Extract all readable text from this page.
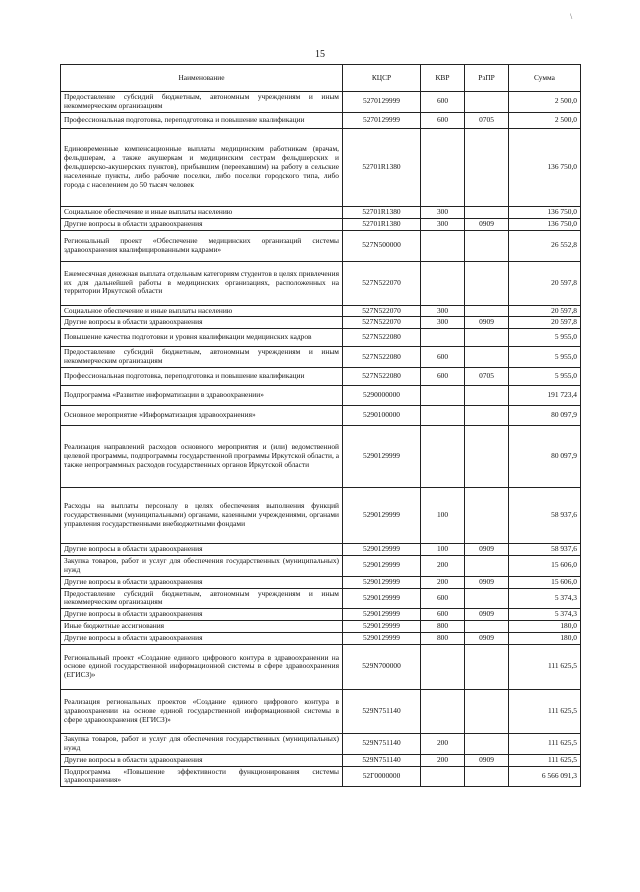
\
15
Наименование	КЦСР	КВР	РзПР	Сумма
Предоставление субсидий бюджетным, автономным учреждениям и иным некоммерческим организациям	5270129999	600		2 500,0
Профессиональная подготовка, переподготовка и повышение квалификации	5270129999	600	0705	2 500,0
Единовременные компенсационные выплаты медицинским работникам (врачам, фельдшерам, а также акушеркам и медицинским сестрам фельдшерских и фельдшерско-акушерских пунктов), прибывшим (переехавшим) на работу в сельские населенные пункты, либо рабочие поселки, либо поселки городского типа, либо города с населением до 50 тысяч человек	52701R1380			136 750,0
Социальное обеспечение и иные выплаты населению	52701R1380	300		136 750,0
Другие вопросы в области здравоохранения	52701R1380	300	0909	136 750,0
Региональный проект «Обеспечение медицинских организаций системы здравоохранения квалифицированными кадрами»	527N500000			26 552,8
Ежемесячная денежная выплата отдельным категориям студентов в целях привлечения их для дальнейшей работы в медицинских организациях, расположенных на территории Иркутской области	527N522070			20 597,8
Социальное обеспечение и иные выплаты населению	527N522070	300		20 597,8
Другие вопросы в области здравоохранения	527N522070	300	0909	20 597,8
Повышение качества подготовки и уровня квалификации медицинских кадров	527N522080			5 955,0
Предоставление субсидий бюджетным, автономным учреждениям и иным некоммерческим организациям	527N522080	600		5 955,0
Профессиональная подготовка, переподготовка и повышение квалификации	527N522080	600	0705	5 955,0
Подпрограмма «Развитие информатизации в здравоохранении»	5290000000			191 723,4
Основное мероприятие «Информатизация здравоохранения»	5290100000			80 097,9
Реализация направлений расходов основного мероприятия и (или) ведомственной целевой программы, подпрограммы государственной программы Иркутской области, а также непрограммных расходов государственных органов Иркутской области	5290129999			80 097,9
Расходы на выплаты персоналу в целях обеспечения выполнения функций государственными (муниципальными) органами, казенными учреждениями, органами управления государственными внебюджетными фондами	5290129999	100		58 937,6
Другие вопросы в области здравоохранения	5290129999	100	0909	58 937,6
Закупка товаров, работ и услуг для обеспечения государственных (муниципальных) нужд	5290129999	200		15 606,0
Другие вопросы в области здравоохранения	5290129999	200	0909	15 606,0
Предоставление субсидий бюджетным, автономным учреждениям и иным некоммерческим организациям	5290129999	600		5 374,3
Другие вопросы в области здравоохранения	5290129999	600	0909	5 374,3
Иные бюджетные ассигнования	5290129999	800		180,0
Другие вопросы в области здравоохранения	5290129999	800	0909	180,0
Региональный проект «Создание единого цифрового контура в здравоохранении на основе единой государственной информационной системы в сфере здравоохранения (ЕГИСЗ)»	529N700000			111 625,5
Реализация региональных проектов «Создание единого цифрового контура в здравоохранении на основе единой государственной информационной системы в сфере здравоохранения (ЕГИСЗ)»	529N751140			111 625,5
Закупка товаров, работ и услуг для обеспечения государственных (муниципальных) нужд	529N751140	200		111 625,5
Другие вопросы в области здравоохранения	529N751140	200	0909	111 625,5
Подпрограмма «Повышение эффективности функционирования системы здравоохранения»	52Г0000000			6 566 091,3
